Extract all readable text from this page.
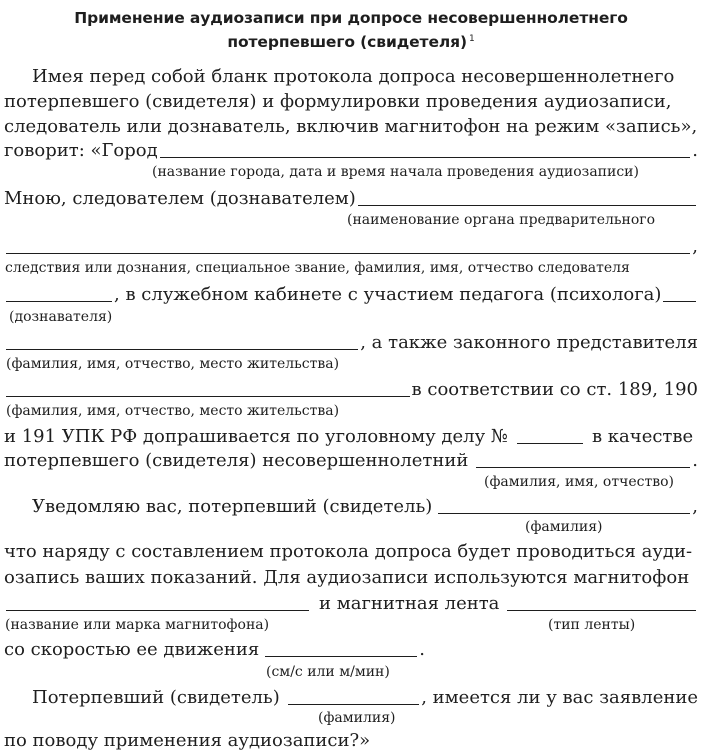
Применение аудиозаписи при допросе несовершеннолетнего
потерпевшего (свидетеля) $^1$
Имея перед собой бланк протокола допроса несовершеннолетнего
потерпевшего (свидетеля) и формулировки проведения аудиозаписи,
следователь или дознаватель, включив магнитофон на режим «запись»,
говорит: «Город	.
(название города, дата и время начала проведения аудиозаписи)
Мною, следователем (дознавателем)
(наименование органа предварительного
,
следствия или дознания, специальное звание, фамилия, имя, отчество следователя
, в служебном кабинете с участием педагога (психолога)
(дознавателя)
, а также законного представителя
(фамилия, имя, отчество, место жительства)
в соответствии со ст. 189, 190
(фамилия, имя, отчество, место жительства)
и 191 УПК РФ допрашивается по уголовному делу №	в качестве
потерпевшего (свидетеля) несовершеннолетний	.
(фамилия, имя, отчество)
Уведомляю вас, потерпевший (свидетель)	,
(фамилия)
что наряду с составлением протокола допроса будет проводиться ауди-
озапись ваших показаний. Для аудиозаписи используются магнитофон
и магнитная лента
(название или марка магнитофона)	(тип ленты)
со скоростью ее движения	.
(см/с или м/мин)
Потерпевший (свидетель)	, имеется ли у вас заявление
(фамилия)
по поводу применения аудиозаписи?»
